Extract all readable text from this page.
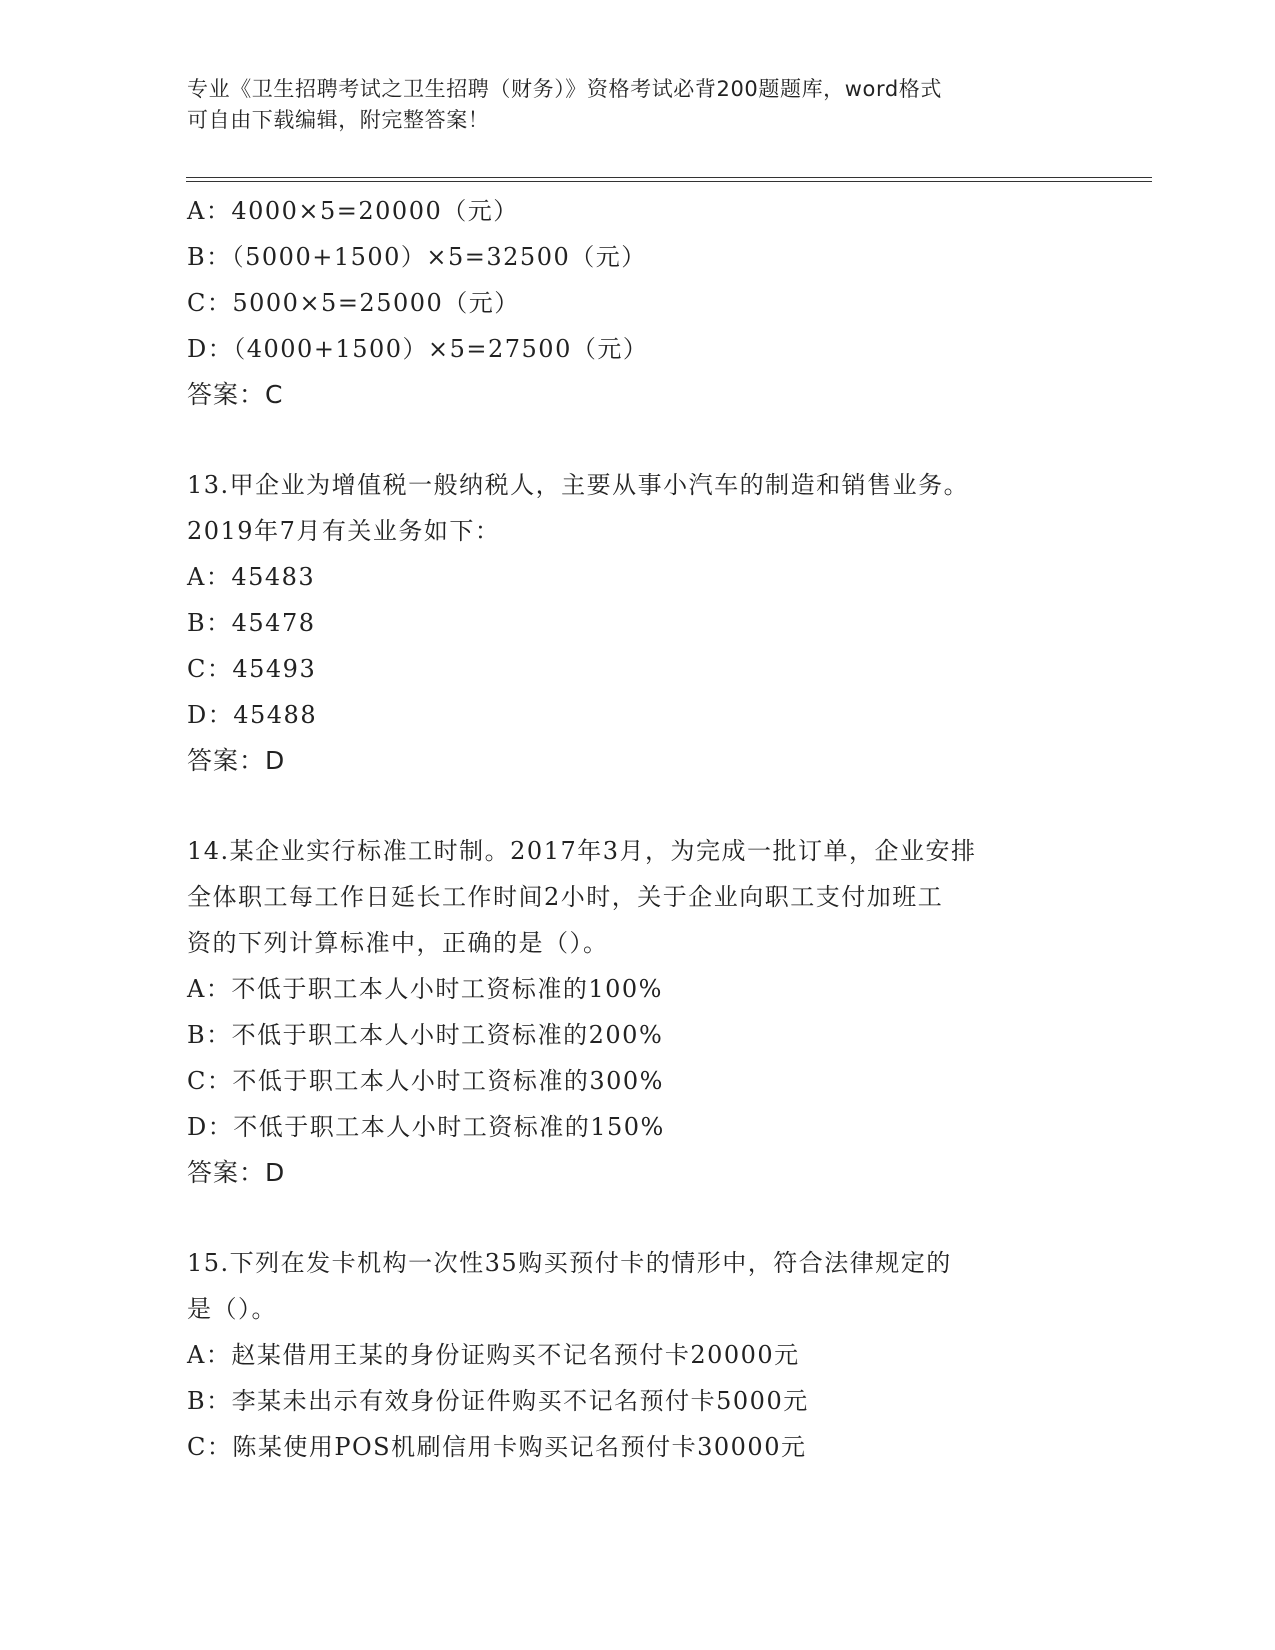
专业《卫生招聘考试之卫生招聘（财务）》资格考试必背200题题库，word格式
可自由下载编辑，附完整答案！
A：4000×5=20000（元）
B：（5000+1500）×5=32500（元）
C：5000×5=25000（元）
D：（4000+1500）×5=27500（元）
答案：C
13.甲企业为增值税一般纳税人，主要从事小汽车的制造和销售业务。
2019年7月有关业务如下：
A：45483
B：45478
C：45493
D：45488
答案：D
14.某企业实行标准工时制。2017年3月，为完成一批订单，企业安排
全体职工每工作日延长工作时间2小时，关于企业向职工支付加班工
资的下列计算标准中，正确的是（）。
A：不低于职工本人小时工资标准的100%
B：不低于职工本人小时工资标准的200%
C：不低于职工本人小时工资标准的300%
D：不低于职工本人小时工资标准的150%
答案：D
15.下列在发卡机构一次性35购买预付卡的情形中，符合法律规定的
是（）。
A：赵某借用王某的身份证购买不记名预付卡20000元
B：李某未出示有效身份证件购买不记名预付卡5000元
C：陈某使用POS机刷信用卡购买记名预付卡30000元
